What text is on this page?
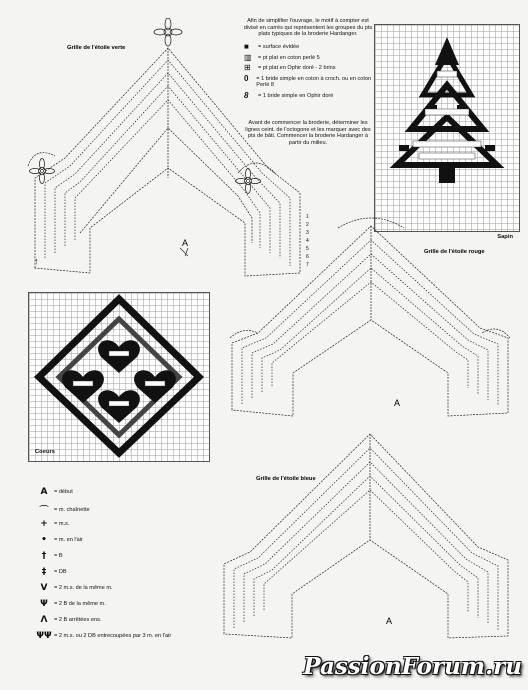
A
↑
Grille de l'étoile verte
1
2
3
4
5
6
7
Afin de simplifier l'ouvrage, le motif à compter est divisé en carrés qui représentent les groupes du pts plats typiques de la broderie Hardanger.
■	= surface évidée
▥	= pt plat en coton perlé 5
⊞	= pt plat en Ophir doré - 2 brins
0	= 1 bride simple en coton à croch. ou en coton Perlé 8
8	= 1 bride simple en Ophir doré
Avant de commencer la broderie, déterminer les lignes ceint. de l'octogone et les marquer avec des pts de bâti. Commencer la broderie Hardanger à partir du milieu.
Sapin
A
Grille de l'étoile rouge
Coeurs
A
Grille de l'étoile bleue
A	= début
⌒ = m. chaînette
+	= m.s.
•	= m. en l'air
†	= B
‡	= DB
V	= 2 m.s. de la même m.
Ψ	= 2 B de la même m.
Λ	= 2 B arrêtées ens.
ΨΨ = 2 m.s. ou 2 DB entrecoupées par 3 m. en l'air
PassionForum.ru
